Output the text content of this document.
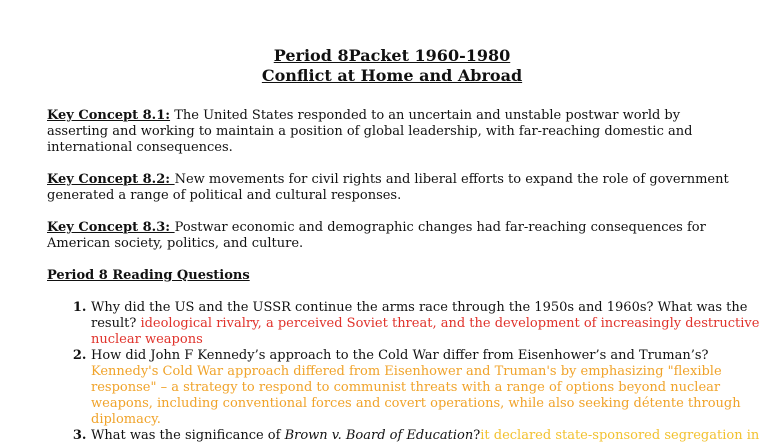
Period 8Packet 1960-1980
Conflict at Home and Abroad
Key Concept 8.1: The United States responded to an uncertain and unstable postwar world by asserting and working to maintain a position of global leadership, with far-reaching domestic and international consequences.
Key Concept 8.2: New movements for civil rights and liberal efforts to expand the role of government generated a range of political and cultural responses.
Key Concept 8.3: Postwar economic and demographic changes had far-reaching consequences for American society, politics, and culture.
Period 8 Reading Questions
1. Why did the US and the USSR continue the arms race through the 1950s and 1960s? What was the result? ideological rivalry, a perceived Soviet threat, and the development of increasingly destructive nuclear weapons
2. How did John F Kennedy’s approach to the Cold War differ from Eisenhower’s and Truman’s?
Kennedy's Cold War approach differed from Eisenhower and Truman's by emphasizing "flexible response" – a strategy to respond to communist threats with a range of options beyond nuclear weapons, including conventional forces and covert operations, while also seeking détente through diplomacy.
3. What was the significance of Brown v. Board of Education?it declared state-sponsored segregation in
